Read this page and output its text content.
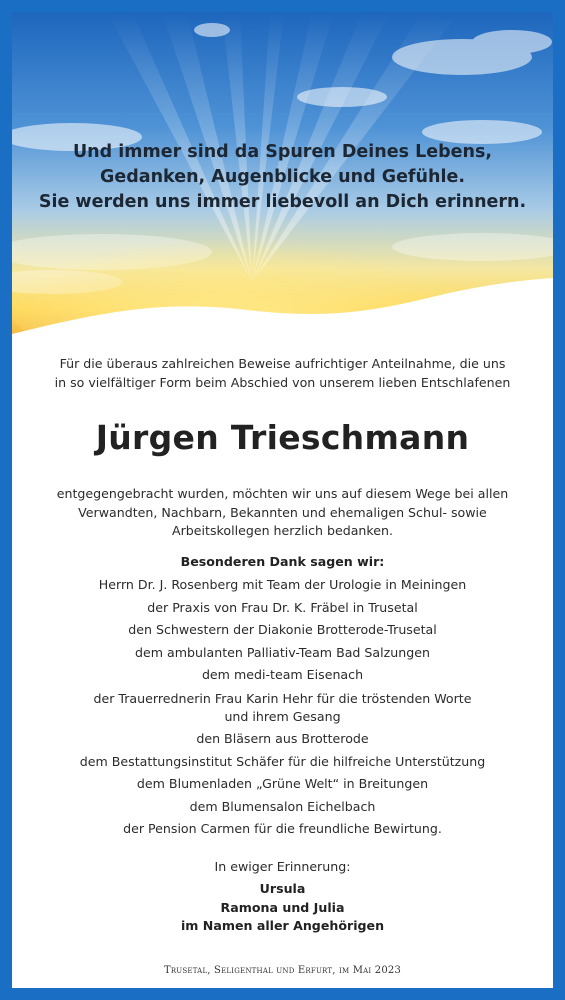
Und immer sind da Spuren Deines Lebens,
Gedanken, Augenblicke und Gefühle.
Sie werden uns immer liebevoll an Dich erinnern.
Für die überaus zahlreichen Beweise aufrichtiger Anteilnahme, die uns
in so vielfältiger Form beim Abschied von unserem lieben Entschlafenen
Jürgen Trieschmann
entgegengebracht wurden, möchten wir uns auf diesem Wege bei allen
Verwandten, Nachbarn, Bekannten und ehemaligen Schul- sowie
Arbeitskollegen herzlich bedanken.
Besonderen Dank sagen wir:
Herrn Dr. J. Rosenberg mit Team der Urologie in Meiningen
der Praxis von Frau Dr. K. Fräbel in Trusetal
den Schwestern der Diakonie Brotterode-Trusetal
dem ambulanten Palliativ-Team Bad Salzungen
dem medi-team Eisenach
der Trauerrednerin Frau Karin Hehr für die tröstenden Worte
und ihrem Gesang
den Bläsern aus Brotterode
dem Bestattungsinstitut Schäfer für die hilfreiche Unterstützung
dem Blumenladen „Grüne Welt“ in Breitungen
dem Blumensalon Eichelbach
der Pension Carmen für die freundliche Bewirtung.
In ewiger Erinnerung:
Ursula
Ramona und Julia
im Namen aller Angehörigen
Trusetal, Seligenthal und Erfurt, im Mai 2023
